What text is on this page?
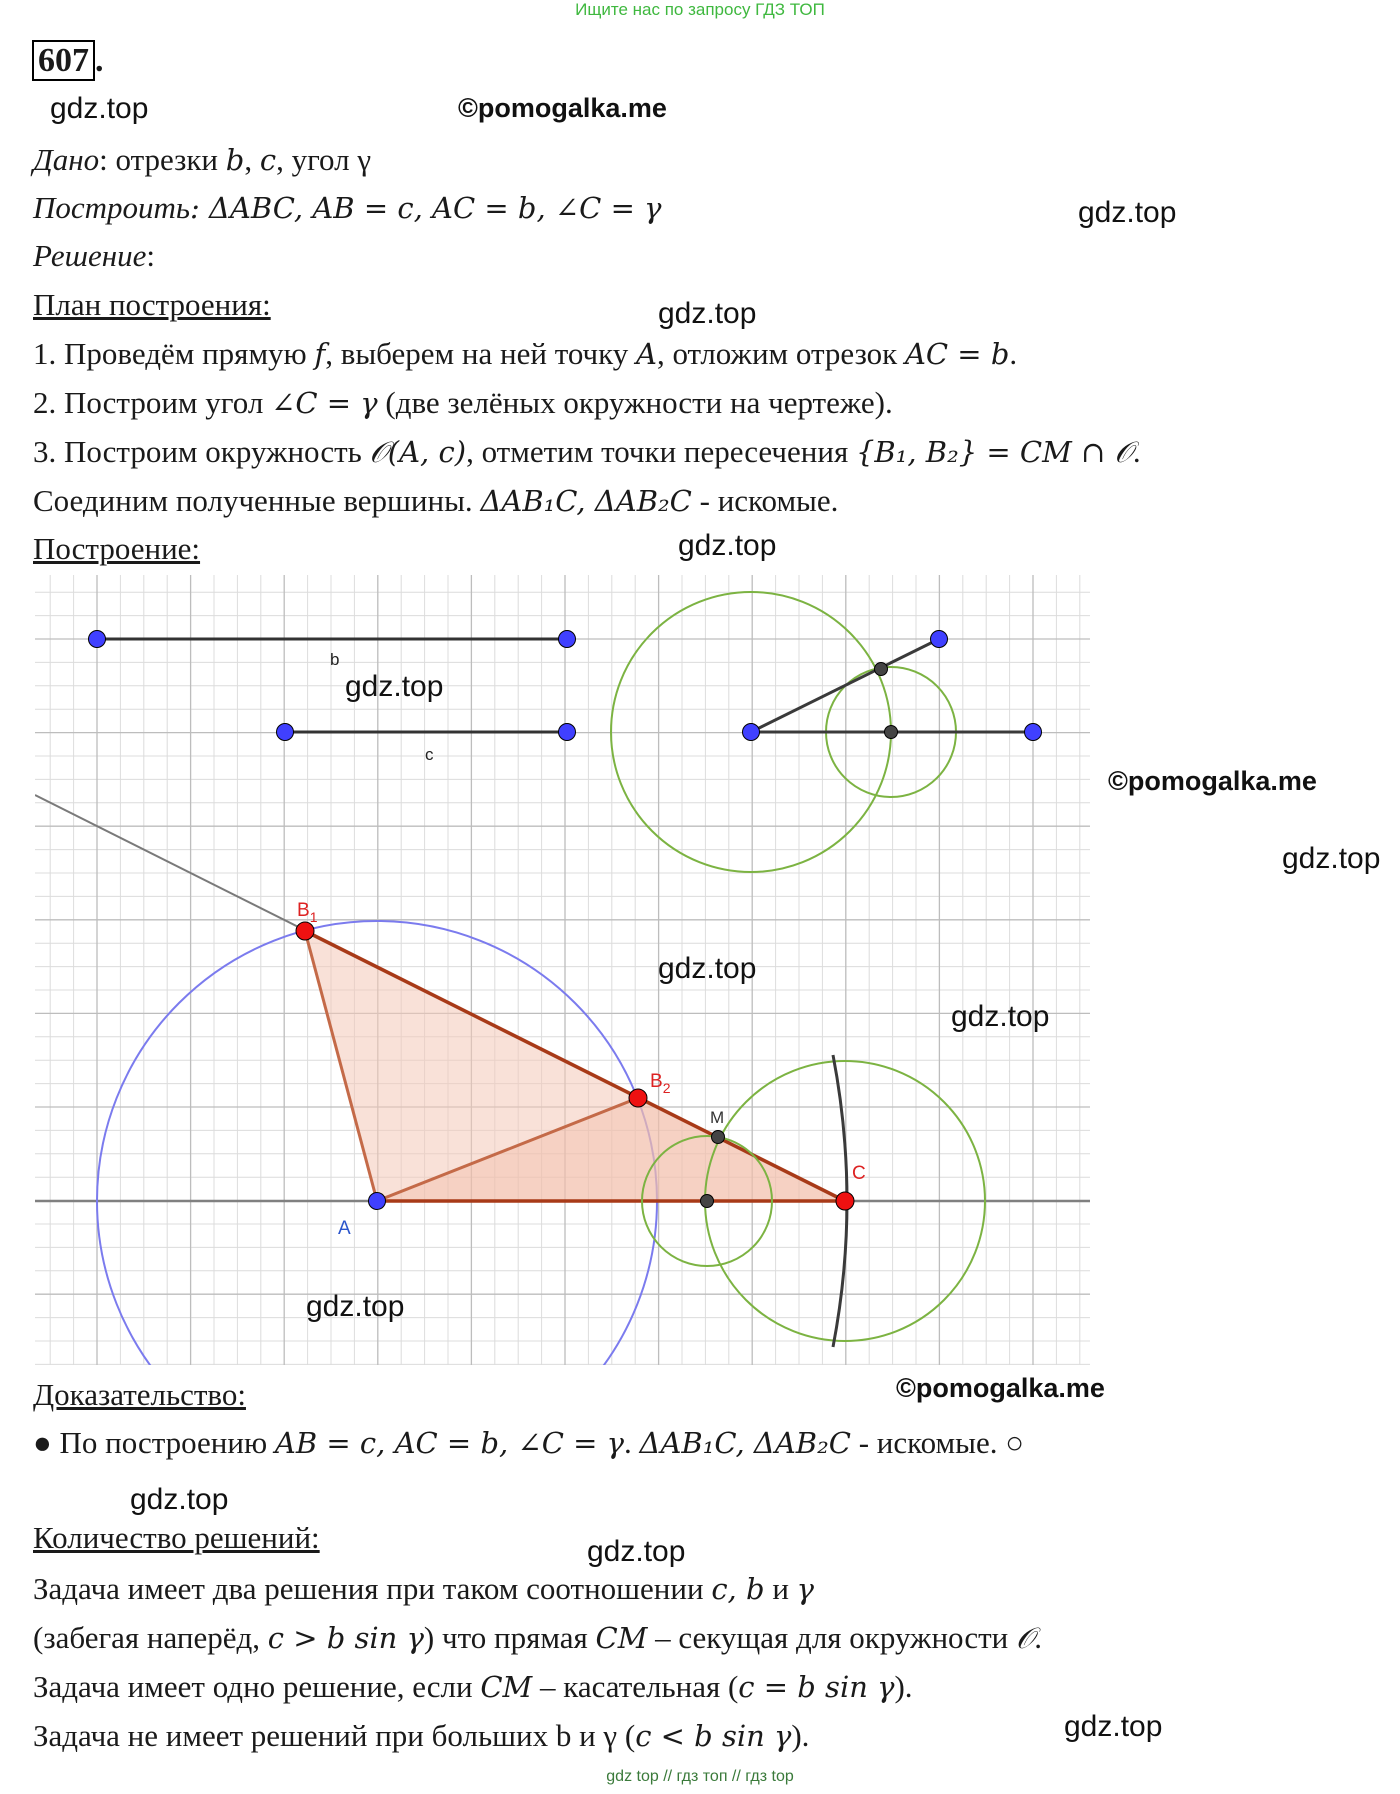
Ищите нас по запросу ГДЗ ТОП
607 .
gdz.top	©pomogalka.me
gdz.top
gdz.top
gdz.top
Дано: отрезки b, c, угол γ
Построить: ΔABC, AB = c, AC = b, ∠C = γ
Решение:
План построения:
1. Проведём прямую f, выберем на ней точку A, отложим отрезок AC = b.
2. Построим угол ∠C = γ (две зелёных окружности на чертеже).
3. Построим окружность 𝒪(A, c), отметим точки пересечения {B₁, B₂} = CM ∩ 𝒪.
Соединим полученные вершины. ΔAB₁C, ΔAB₂C - искомые.
Построение:
b
c
$B_1$
$B_2$
M
C
A
gdz.top
©pomogalka.me
gdz.top
gdz.top
gdz.top
gdz.top
©pomogalka.me
Доказательство:
● По построению AB = c, AC = b, ∠C = γ. ΔAB₁C, ΔAB₂C - искомые. ○
gdz.top
Количество решений:	gdz.top
Задача имеет два решения при таком соотношении c, b и γ
(забегая наперёд, c > b sin γ) что прямая CM – секущая для окружности 𝒪.
Задача имеет одно решение, если CM – касательная (c = b sin γ).
Задача не имеет решений при больших b и γ (c < b sin γ).	gdz.top
gdz top // гдз топ // гдз top
